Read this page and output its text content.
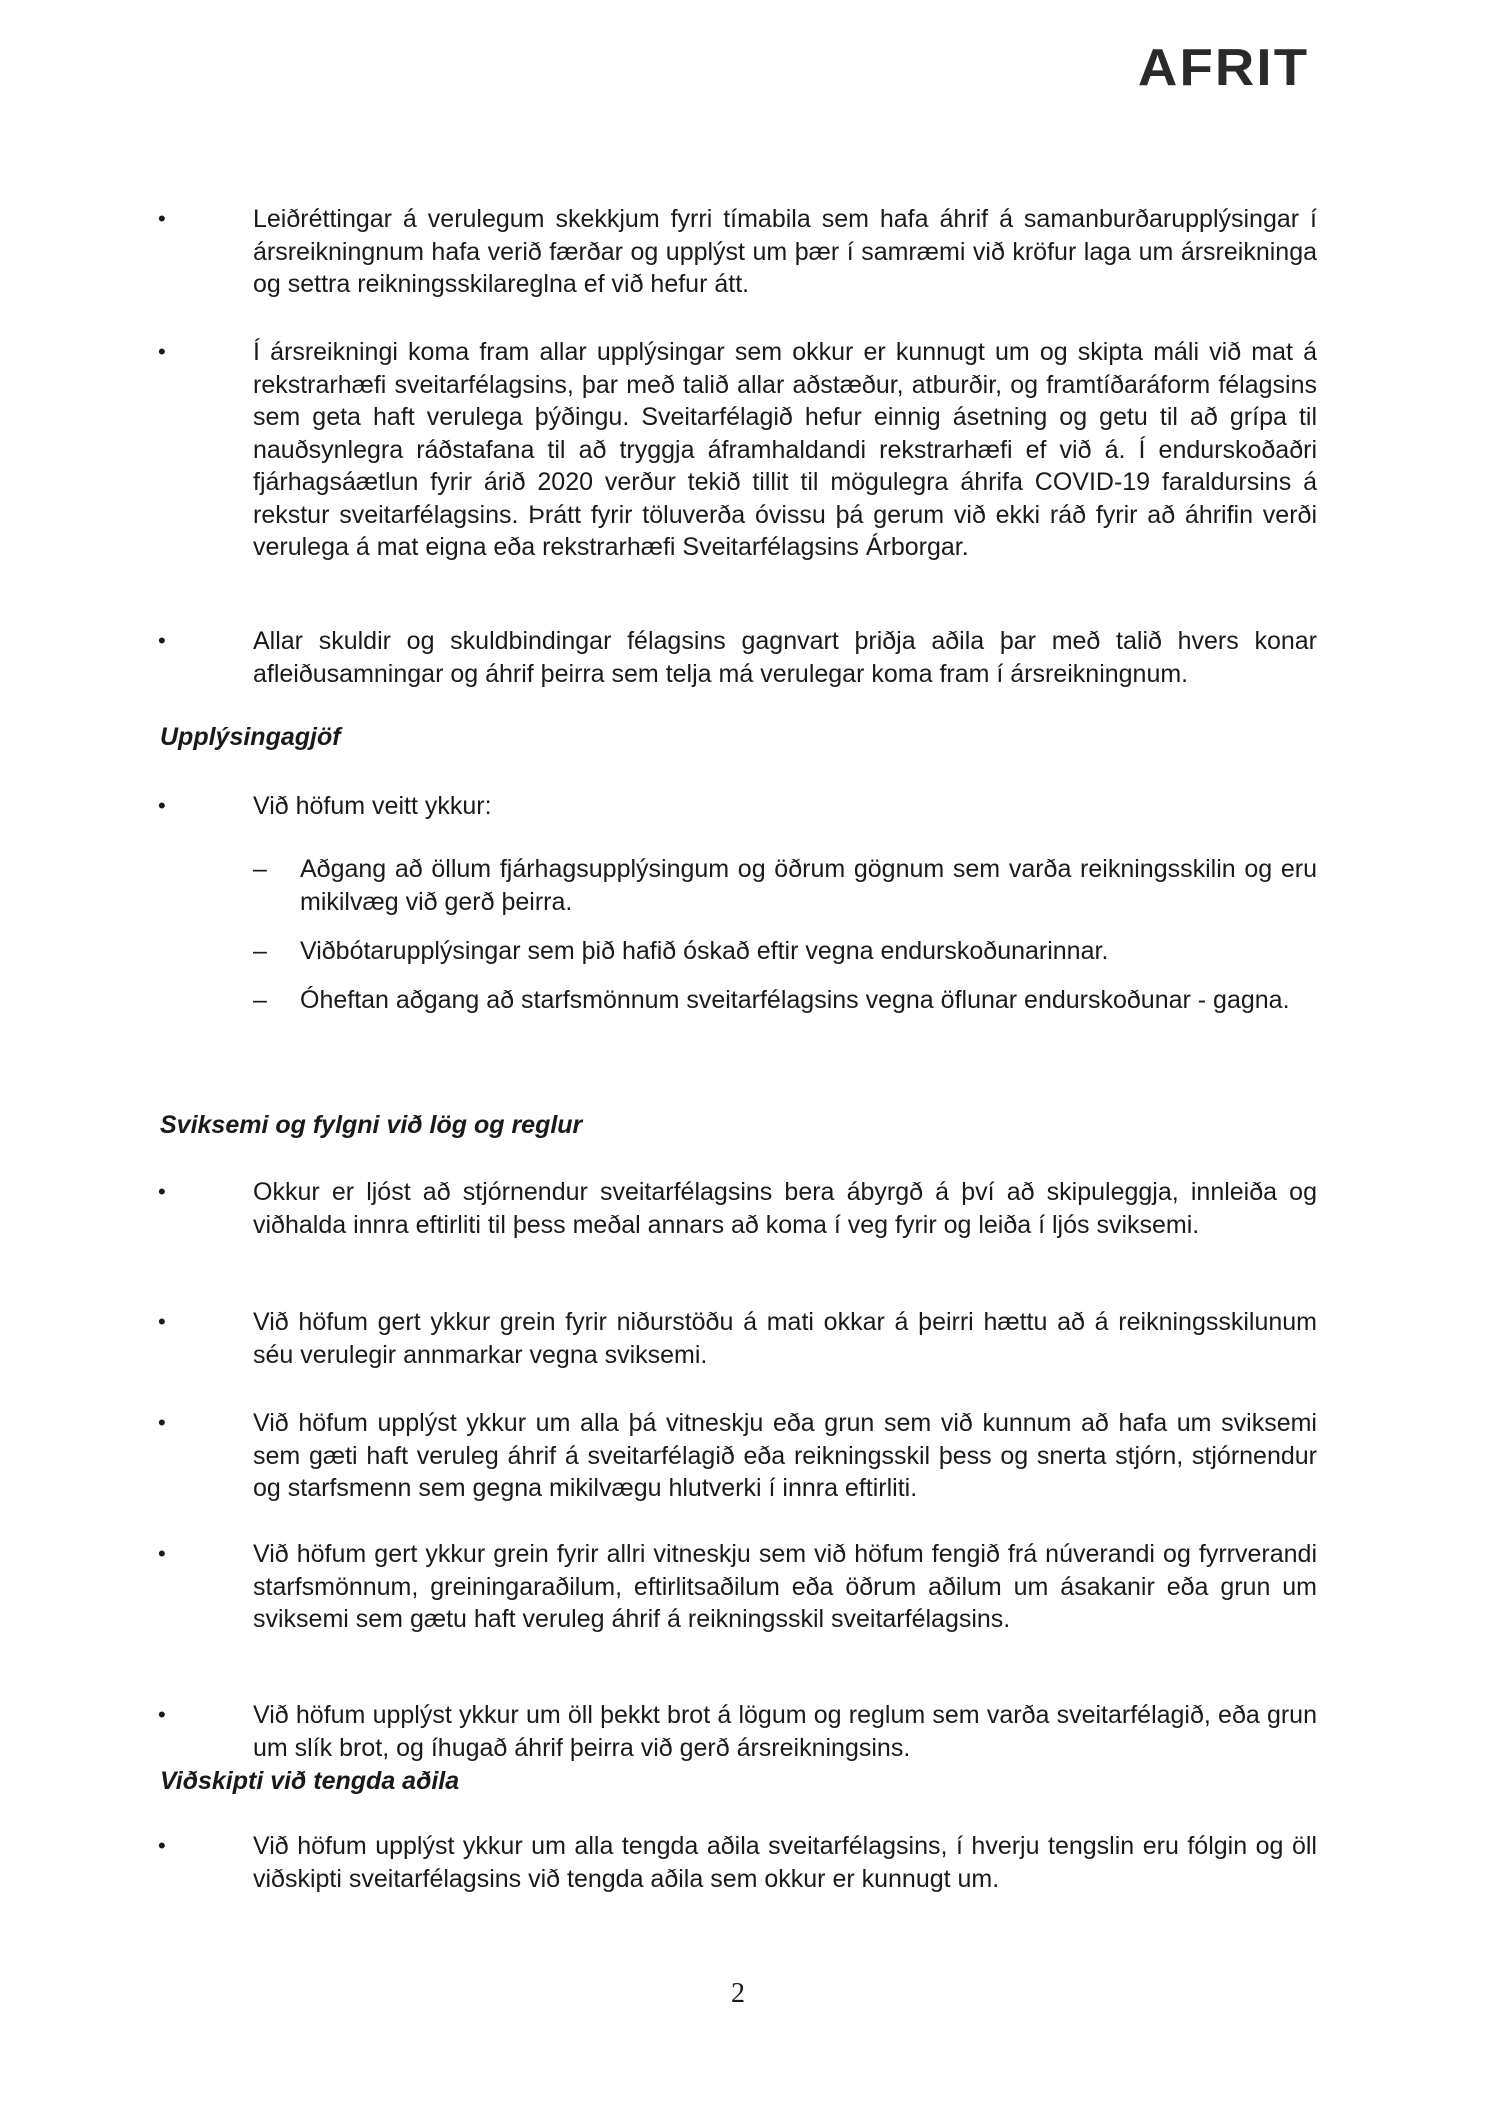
AFRIT
•	Leiðréttingar á verulegum skekkjum fyrri tímabila sem hafa áhrif á samanburðarupplýsingar í ársreikningnum hafa verið færðar og upplýst um þær í samræmi við kröfur laga um ársreikninga og settra reikningsskilareglna ef við hefur átt.
•	Í ársreikningi koma fram allar upplýsingar sem okkur er kunnugt um og skipta máli við mat á rekstrarhæfi sveitarfélagsins, þar með talið allar aðstæður, atburðir, og framtíðaráform félagsins sem geta haft verulega þýðingu. Sveitarfélagið hefur einnig ásetning og getu til að grípa til nauðsynlegra ráðstafana til að tryggja áframhaldandi rekstrarhæfi ef við á. Í endurskoðaðri fjárhagsáætlun fyrir árið 2020 verður tekið tillit til mögulegra áhrifa COVID-19 faraldursins á rekstur sveitarfélagsins. Þrátt fyrir töluverða óvissu þá gerum við ekki ráð fyrir að áhrifin verði verulega á mat eigna eða rekstrarhæfi Sveitarfélagsins Árborgar.
•	Allar skuldir og skuldbindingar félagsins gagnvart þriðja aðila þar með talið hvers konar afleiðusamningar og áhrif þeirra sem telja má verulegar koma fram í ársreikningnum.
Upplýsingagjöf
•	Við höfum veitt ykkur:
– Aðgang að öllum fjárhagsupplýsingum og öðrum gögnum sem varða reikningsskilin og eru mikilvæg við gerð þeirra.
– Viðbótarupplýsingar sem þið hafið óskað eftir vegna endurskoðunarinnar.
– Óheftan aðgang að starfsmönnum sveitarfélagsins vegna öflunar endurskoðunar - gagna.
Sviksemi og fylgni við lög og reglur
•	Okkur er ljóst að stjórnendur sveitarfélagsins bera ábyrgð á því að skipuleggja, innleiða og viðhalda innra eftirliti til þess meðal annars að koma í veg fyrir og leiða í ljós sviksemi.
•	Við höfum gert ykkur grein fyrir niðurstöðu á mati okkar á þeirri hættu að á reikningsskilunum séu verulegir annmarkar vegna sviksemi.
•	Við höfum upplýst ykkur um alla þá vitneskju eða grun sem við kunnum að hafa um sviksemi sem gæti haft veruleg áhrif á sveitarfélagið eða reikningsskil þess og snerta stjórn, stjórnendur og starfsmenn sem gegna mikilvægu hlutverki í innra eftirliti.
•	Við höfum gert ykkur grein fyrir allri vitneskju sem við höfum fengið frá núverandi og fyrrverandi starfsmönnum, greiningaraðilum, eftirlitsaðilum eða öðrum aðilum um ásakanir eða grun um sviksemi sem gætu haft veruleg áhrif á reikningsskil sveitarfélagsins.
•	Við höfum upplýst ykkur um öll þekkt brot á lögum og reglum sem varða sveitarfélagið, eða grun um slík brot, og íhugað áhrif þeirra við gerð ársreikningsins.
Viðskipti við tengda aðila
•	Við höfum upplýst ykkur um alla tengda aðila sveitarfélagsins, í hverju tengslin eru fólgin og öll viðskipti sveitarfélagsins við tengda aðila sem okkur er kunnugt um.
2
